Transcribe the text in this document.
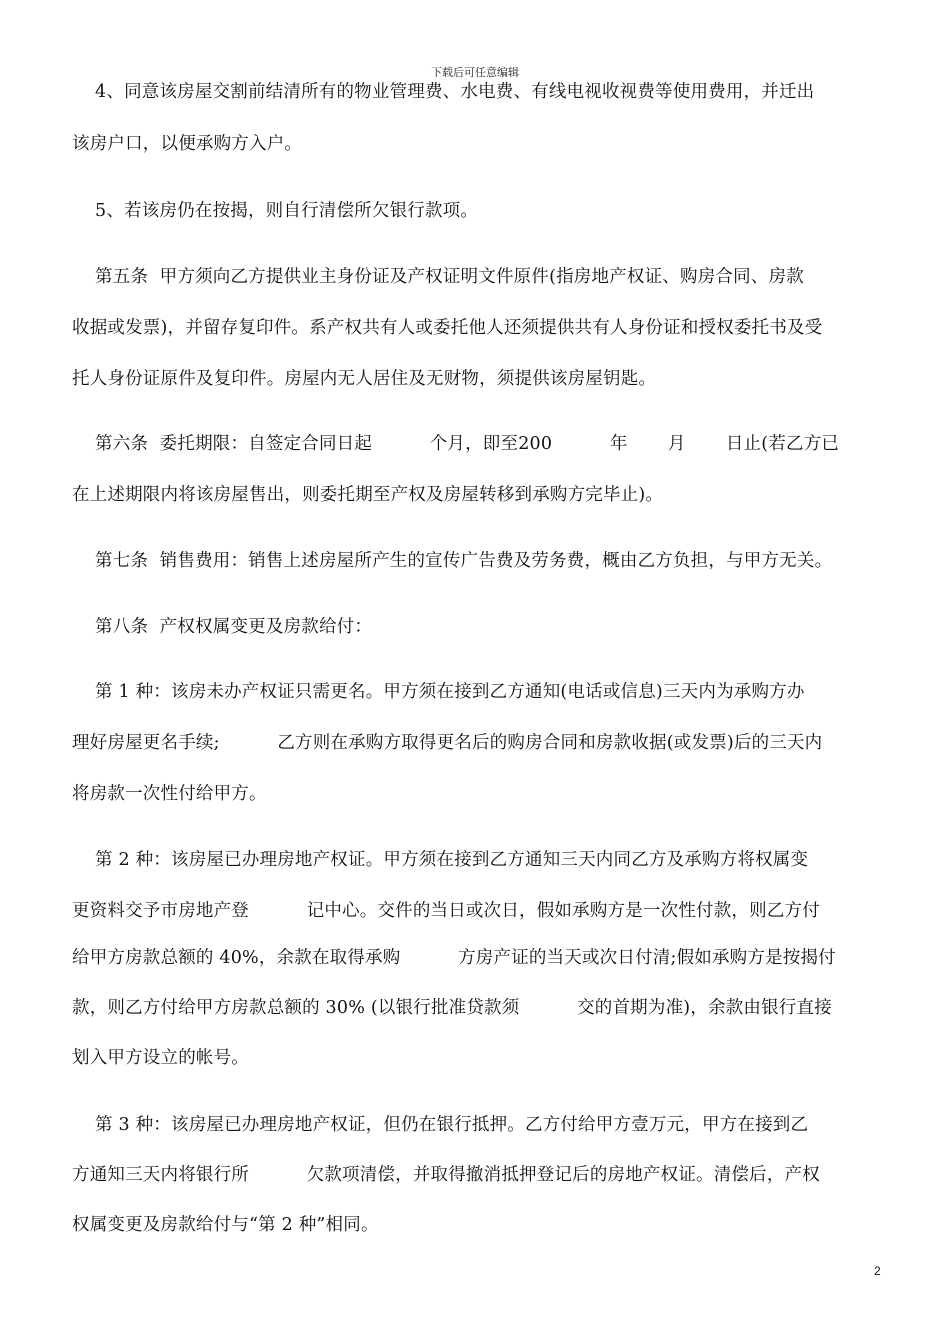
下载后可任意编辑
4、同意该房屋交割前结清所有的物业管理费、水电费、有线电视收视费等使用费用，并迁出
该房户口，以便承购方入户。
5、若该房仍在按揭，则自行清偿所欠银行款项。
第五条  甲方须向乙方提供业主身份证及产权证明文件原件(指房地产权证、购房合同、房款
收据或发票)，并留存复印件。系产权共有人或委托他人还须提供共有人身份证和授权委托书及受
托人身份证原件及复印件。房屋内无人居住及无财物，须提供该房屋钥匙。
第六条  委托期限：自签定合同日起          个月，即至200          年       月       日止(若乙方已
在上述期限内将该房屋售出，则委托期至产权及房屋转移到承购方完毕止)。
第七条  销售费用：销售上述房屋所产生的宣传广告费及劳务费，概由乙方负担，与甲方无关。
第八条  产权权属变更及房款给付：
第 1 种：该房未办产权证只需更名。甲方须在接到乙方通知(电话或信息)三天内为承购方办
理好房屋更名手续;          乙方则在承购方取得更名后的购房合同和房款收据(或发票)后的三天内
将房款一次性付给甲方。
第 2 种：该房屋已办理房地产权证。甲方须在接到乙方通知三天内同乙方及承购方将权属变
更资料交予市房地产登          记中心。交件的当日或次日，假如承购方是一次性付款，则乙方付
给甲方房款总额的 40%，余款在取得承购          方房产证的当天或次日付清;假如承购方是按揭付
款，则乙方付给甲方房款总额的 30% (以银行批准贷款须          交的首期为准)，余款由银行直接
划入甲方设立的帐号。
第 3 种：该房屋已办理房地产权证，但仍在银行抵押。乙方付给甲方壹万元，甲方在接到乙
方通知三天内将银行所          欠款项清偿，并取得撤消抵押登记后的房地产权证。清偿后，产权
权属变更及房款给付与“第 2 种”相同。
2
